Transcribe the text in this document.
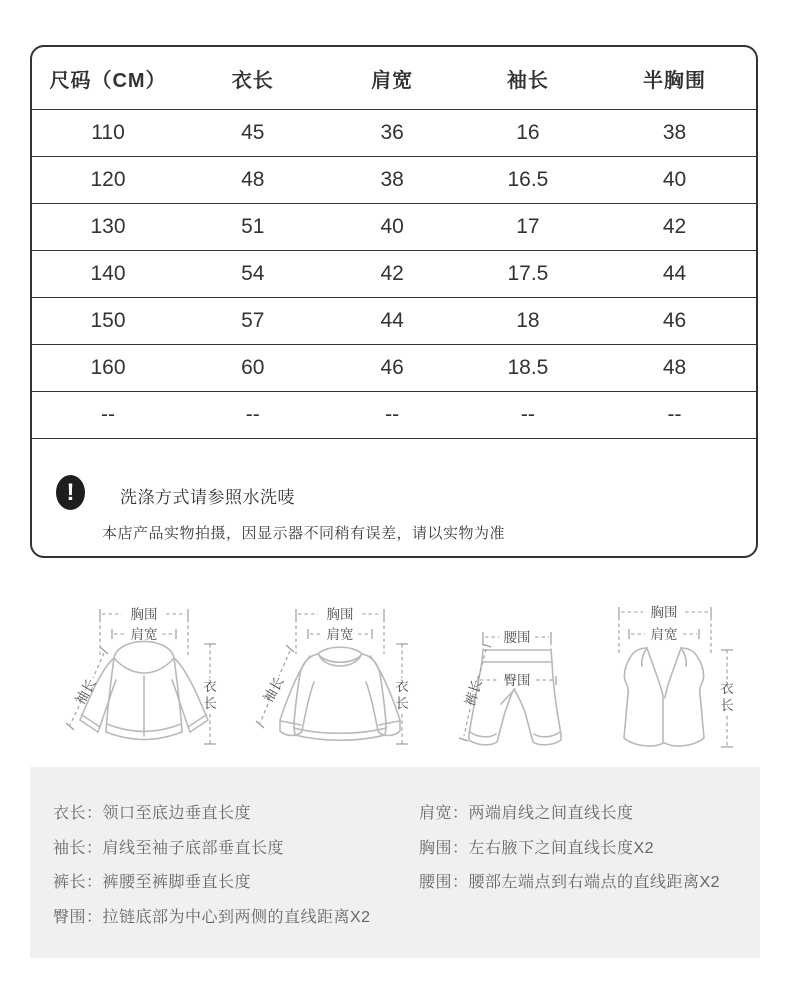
尺码（CM）	衣长	肩宽	袖长	半胸围
110	45	36	16	38
120	48	38	16.5	40
130	51	40	17	42
140	54	42	17.5	44
150	57	44	18	46
160	60	46	18.5	48
--	--	--	--	--
!	洗涤方式请参照水洗唛
本店产品实物拍摄，因显示器不同稍有误差，请以实物为准
胸围
肩宽
袖长	衣长
胸围
肩宽
袖长	衣长
腰围
臀围
裤长
胸围
肩宽
衣长
衣长：领口至底边垂直长度
袖长：肩线至袖子底部垂直长度
裤长：裤腰至裤脚垂直长度
臀围：拉链底部为中心到两侧的直线距离X2
肩宽：两端肩线之间直线长度
胸围：左右腋下之间直线长度X2
腰围：腰部左端点到右端点的直线距离X2
